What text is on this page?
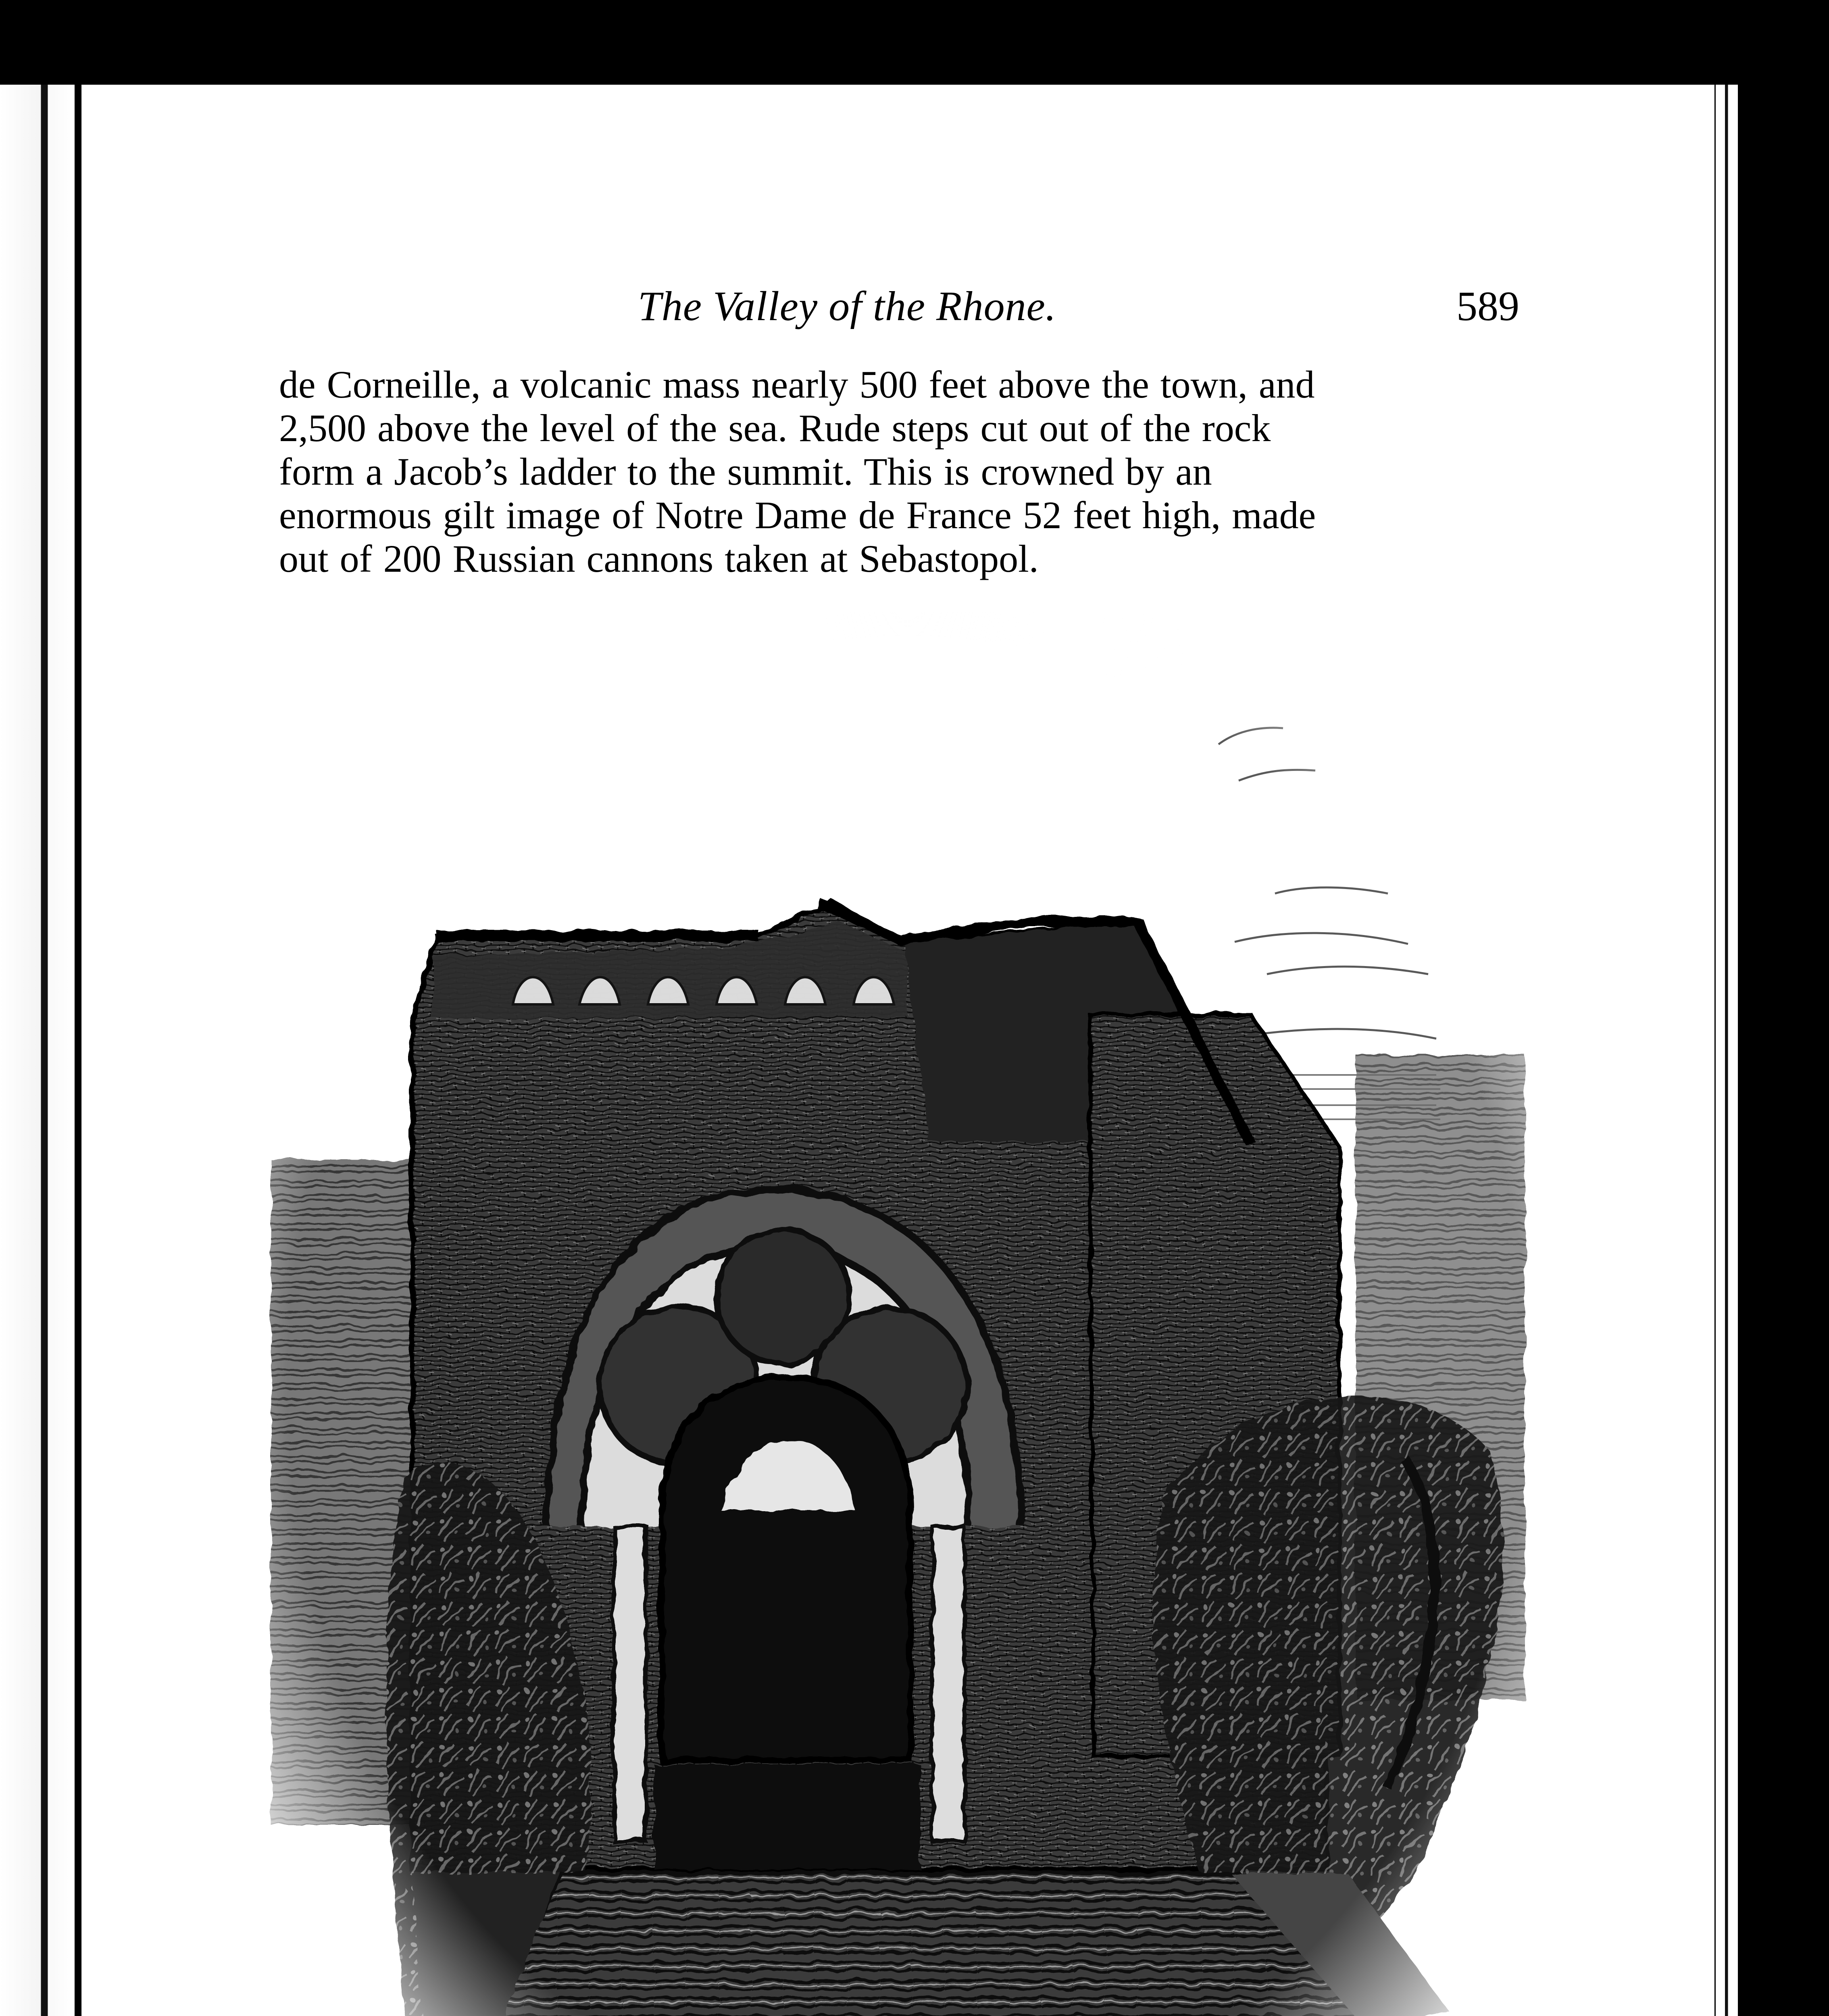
The Valley of the Rhone.	589
de Corneille, a volcanic mass nearly 500 feet above the town, and
2,500 above the level of the sea. Rude steps cut out of the rock
form a Jacob’s ladder to the summit. This is crowned by an
enormous gilt image of Notre Dame de France 52 feet high, made
out of 200 Russian cannons taken at Sebastopol.
